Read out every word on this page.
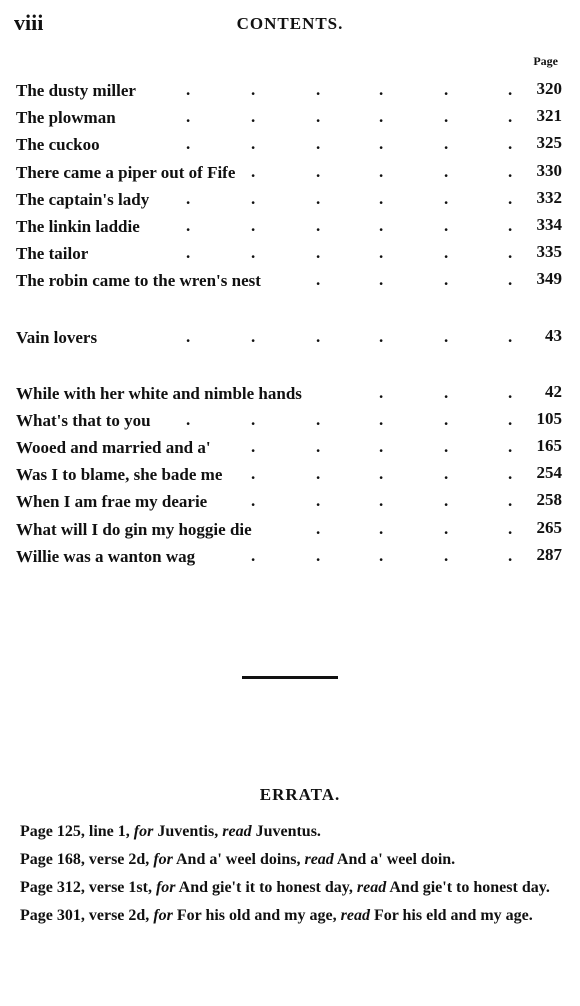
viii	CONTENTS.
Page
.	.	.	.	.	.
The dusty miller	320
.	.	.	.	.	.
The plowman	321
.	.	.	.	.	.
The cuckoo	325
.	.	.	.	.
There came a piper out of Fife	330
.	.	.	.	.	.
The captain's lady	332
.	.	.	.	.	.
The linkin laddie	334
.	.	.	.	.	.
The tailor	335
.	.	.	.
The robin came to the wren's nest	349
.	.	.	.	.	.
Vain lovers	43
.	.	.
While with her white and nimble hands	42
.	.	.	.	.	.
What's that to you	105
.	.	.	.	.
Wooed and married and a'	165
.	.	.	.	.
Was I to blame, she bade me	254
.	.	.	.	.
When I am frae my dearie	258
.	.	.	.
What will I do gin my hoggie die	265
.	.	.	.	.
Willie was a wanton wag	287
ERRATA.

Page 125, line 1, for Juventis, read Juventus.

Page 168, verse 2d, for And a' weel doins, read And a' weel doin.

Page 312, verse 1st, for And gie't it to honest day, read And gie't to honest day.

Page 301, verse 2d, for For his old and my age, read For his eld and my age.
